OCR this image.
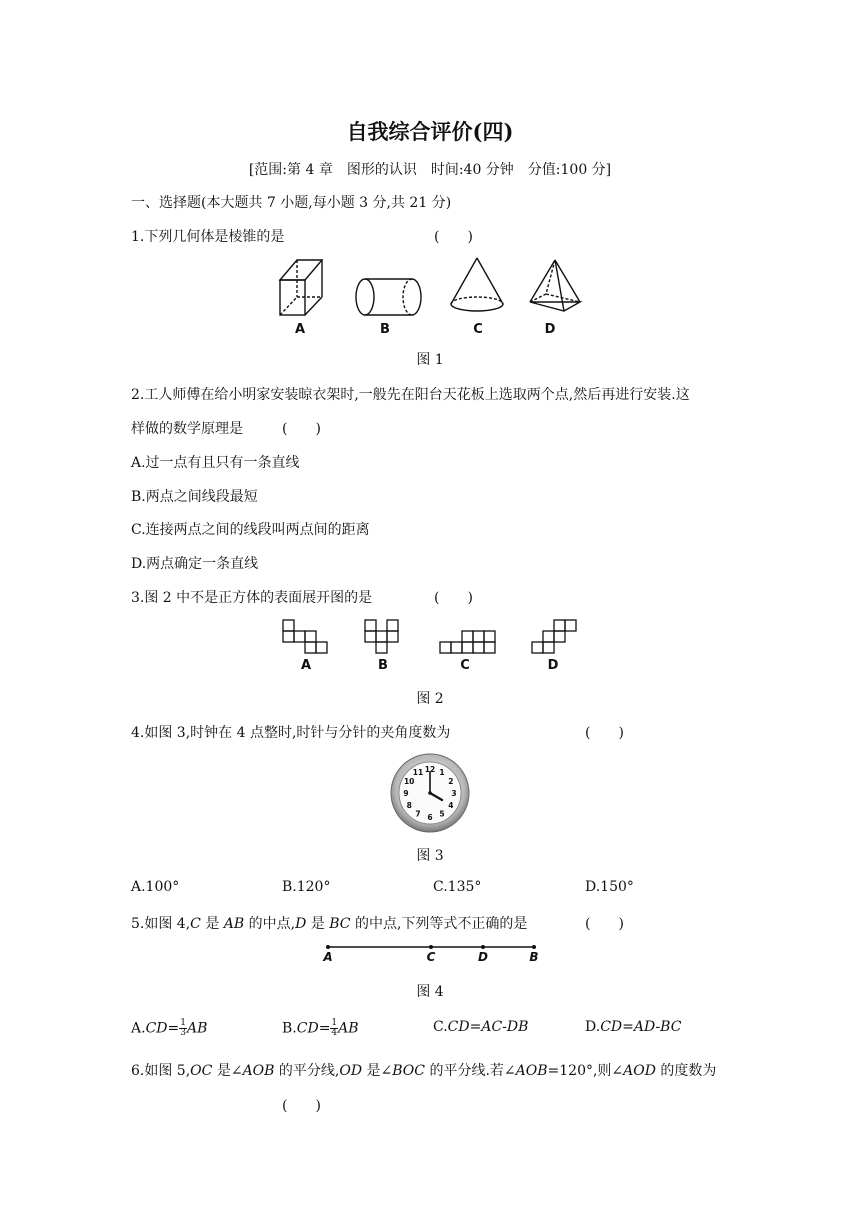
自我综合评价(四)
[范围:第 4 章　图形的认识　时间:40 分钟　分值:100 分]
一、选择题(本大题共 7 小题,每小题 3 分,共 21 分)
1.下列几何体是棱锥的是	(　　)
A	B	C	D
图 1
2.工人师傅在给小明家安装晾衣架时,一般先在阳台天花板上选取两个点,然后再进行安装.这
样做的数学原理是	(　　)
A.过一点有且只有一条直线
B.两点之间线段最短
C.连接两点之间的线段叫两点间的距离
D.两点确定一条直线
3.图 2 中不是正方体的表面展开图的是	(　　)
A	B	C	D
图 2
4.如图 3,时钟在 4 点整时,时针与分针的夹角度数为	(　　)
12 1
2
3
4
5
6
7
8
9
10
11
图 3
A.100°	B.120°	C.135°	D.150°
5.如图 4,C 是 AB 的中点,D 是 BC 的中点,下列等式不正确的是	(　　)
A	C	D	B
图 4
$A.CD= \frac{1}{3}$ AB	$B.CD= \frac{1}{4}$ AB	C.CD=AC-DB	D.CD=AD-BC
6.如图 5,OC 是∠AOB 的平分线,OD 是∠BOC 的平分线.若∠AOB=120°,则∠AOD 的度数为
(　　)
